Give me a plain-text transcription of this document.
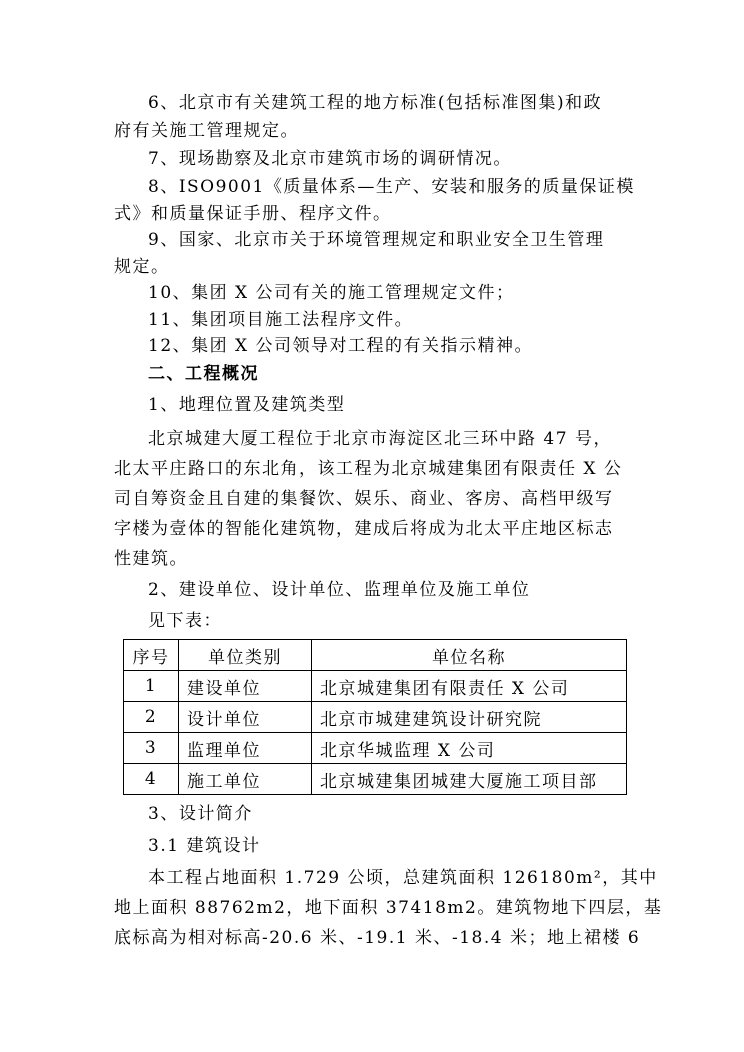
6、北京市有关建筑工程的地方标准(包括标准图集)和政
府有关施工管理规定。
7、现场勘察及北京市建筑市场的调研情况。
8、ISO9001《质量体系—生产、安装和服务的质量保证模
式》和质量保证手册、程序文件。
9、国家、北京市关于环境管理规定和职业安全卫生管理
规定。
10、集团 X 公司有关的施工管理规定文件；
11、集团项目施工法程序文件。
12、集团 X 公司领导对工程的有关指示精神。
二、工程概况
1、地理位置及建筑类型
北京城建大厦工程位于北京市海淀区北三环中路 47 号，
北太平庄路口的东北角，该工程为北京城建集团有限责任 X 公
司自筹资金且自建的集餐饮、娱乐、商业、客房、高档甲级写
字楼为壹体的智能化建筑物，建成后将成为北太平庄地区标志
性建筑。
2、建设单位、设计单位、监理单位及施工单位
见下表：
序号	单位类别	单位名称
1	建设单位	北京城建集团有限责任 X 公司
2	设计单位	北京市城建建筑设计研究院
3	监理单位	北京华城监理 X 公司
4	施工单位	北京城建集团城建大厦施工项目部
3、设计简介
3.1 建筑设计
本工程占地面积 1.729 公顷，总建筑面积 126180m²，其中
地上面积 88762m2，地下面积 37418m2。建筑物地下四层，基
底标高为相对标高-20.6 米、-19.1 米、-18.4 米；地上裙楼 6
